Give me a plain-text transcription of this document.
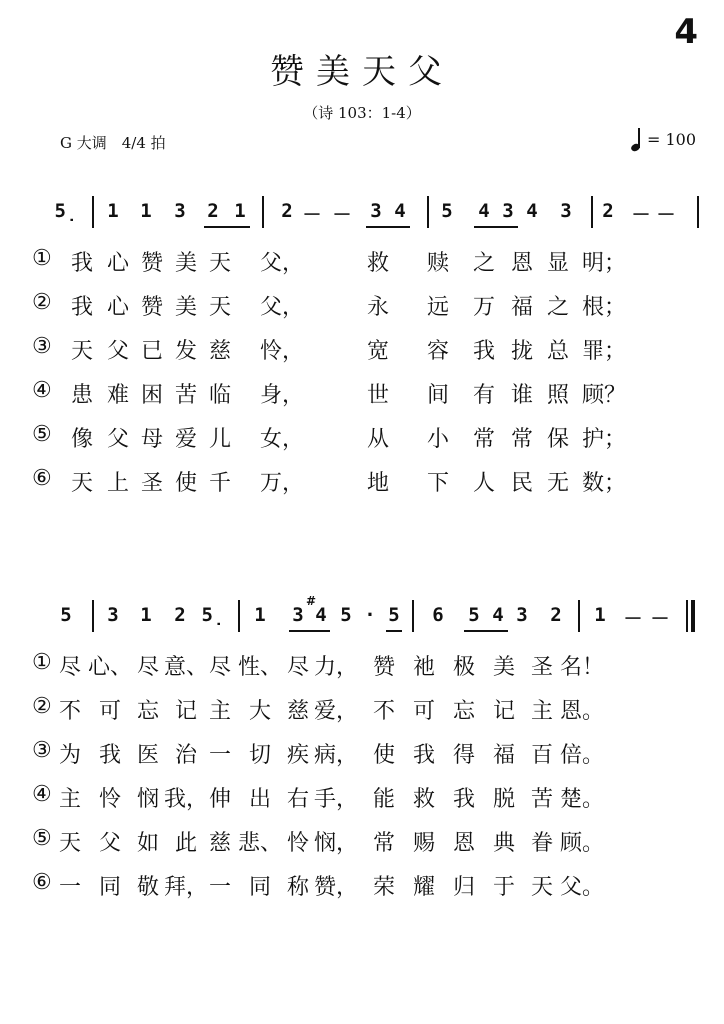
4
赞美天父
（诗 103：1-4）
G 大调　4/4 拍	= 100
5̣ 1 1 3 2 1 2 － － 3 4 5 4 3 4 3 2 － －
① 我 心 赞 美 天 父，	救 赎 之 恩 显 明；
② 我 心 赞 美 天 父，	永 远 万 福 之 根；
③ 天 父 已 发 慈 怜，	宽 容 我 拢 总 罪；
④ 患 难 困 苦 临 身，	世 间 有 谁 照 顾？
⑤ 像 父 母 爱 儿 女，	从 小 常 常 保 护；
⑥ 天 上 圣 使 千 万，	地 下 人 民 无 数；
5 3 1 2 5̣ 1 3 4 5 · 5 6 5 4 3 2 1 － －
#
① 尽 心、 尽 意、 尽 性、 尽 力， 赞 祂 极 美 圣 名！
② 不 可 忘 记 主 大 慈 爱， 不 可 忘 记 主 恩。
③ 为 我 医 治 一 切 疾 病， 使 我 得 福 百 倍。
④ 主 怜 悯 我， 伸 出 右 手， 能 救 我 脱 苦 楚。
⑤ 天 父 如 此 慈 悲、 怜 悯， 常 赐 恩 典 眷 顾。
⑥ 一 同 敬 拜， 一 同 称 赞， 荣 耀 归 于 天 父。
